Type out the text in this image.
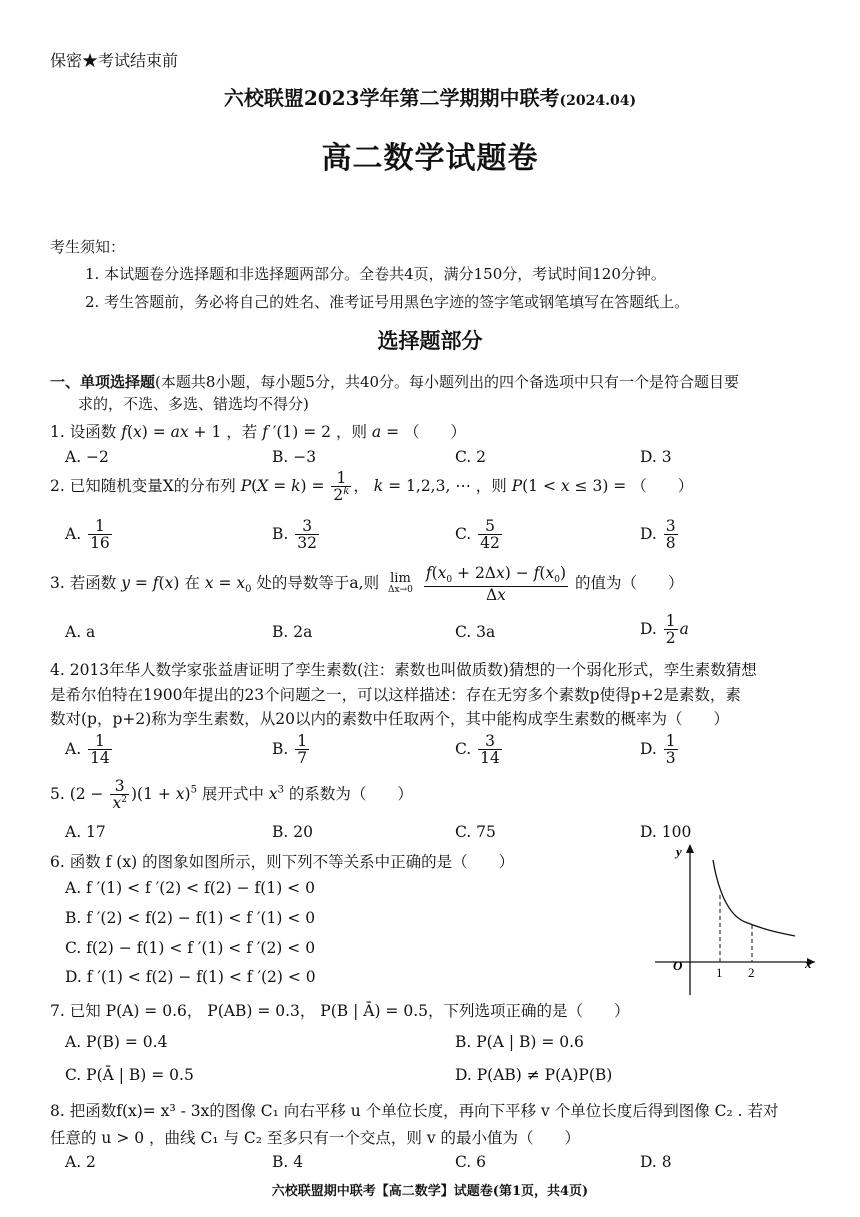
保密★考试结束前
六校联盟2023学年第二学期期中联考(2024.04)
高二数学试题卷
考生须知：
1. 本试题卷分选择题和非选择题两部分。全卷共4页，满分150分，考试时间120分钟。
2. 考生答题前，务必将自己的姓名、准考证号用黑色字迹的签字笔或钢笔填写在答题纸上。
选择题部分
一、单项选择题(本题共8小题，每小题5分，共40分。每小题列出的四个备选项中只有一个是符合题目要
求的，不选、多选、错选均不得分)
1. 设函数 f(x) = ax + 1 ，若 f ′(1) = 2 ，则 a = （　　）
A. −2	B. −3	C. 2	D. 3
2. 已知随机变量X的分布列 $P(X = k) = \frac{1}{2^k}$ ， k = 1,2,3, ⋯ ，则 P(1 < x ≤ 3) = （　　）
A. $\frac{1}{16}$	B. $\frac{3}{32}$	C. $\frac{5}{42}$	D. $\frac{3}{8}$
3. 若函数 y = f(x) 在 $x = x_0$ 处的导数等于a,则 lim
Δx→0
$\frac{f(x_0 + 2\Delta x) - f(x_0)}{\Delta x}$ 的值为（　　）
A. a	B. 2a	C. 3a	D. $\frac{1}{2}$ a
4. 2013年华人数学家张益唐证明了孪生素数(注：素数也叫做质数)猜想的一个弱化形式，孪生素数猜想
是希尔伯特在1900年提出的23个问题之一，可以这样描述：存在无穷多个素数p使得p+2是素数，素
数对(p，p+2)称为孪生素数，从20以内的素数中任取两个，其中能构成孪生素数的概率为（　　）
A. $\frac{1}{14}$	B. $\frac{1}{7}$	C. $\frac{3}{14}$	D. $\frac{1}{3}$
5. $(2 - \frac{3}{x^2} )(1 + x)^5$ 展开式中 $x^3$ 的系数为（　　）
A. 17	B. 20	C. 75	D. 100
6. 函数 f (x) 的图象如图所示，则下列不等关系中正确的是（　　）
A. f ′(1) < f ′(2) < f(2) − f(1) < 0
B. f ′(2) < f(2) − f(1) < f ′(1) < 0
C. f(2) − f(1) < f ′(1) < f ′(2) < 0
D. f ′(1) < f(2) − f(1) < f ′(2) < 0
y
x
O	1 2
7. 已知 P(A) = 0.6， P(AB) = 0.3， P(B | Ā) = 0.5，下列选项正确的是（　　）
A. P(B) = 0.4	B. P(A | B) = 0.6
C. P(Ā | B) = 0.5	D. P(AB) ≠ P(A)P(B)
8. 把函数f(x)= x³ - 3x的图像 C₁ 向右平移 u 个单位长度，再向下平移 v 个单位长度后得到图像 C₂ . 若对
任意的 u > 0 ，曲线 C₁ 与 C₂ 至多只有一个交点，则 v 的最小值为（　　）
A. 2	B. 4	C. 6	D. 8
六校联盟期中联考【高二数学】试题卷(第1页，共4页)
